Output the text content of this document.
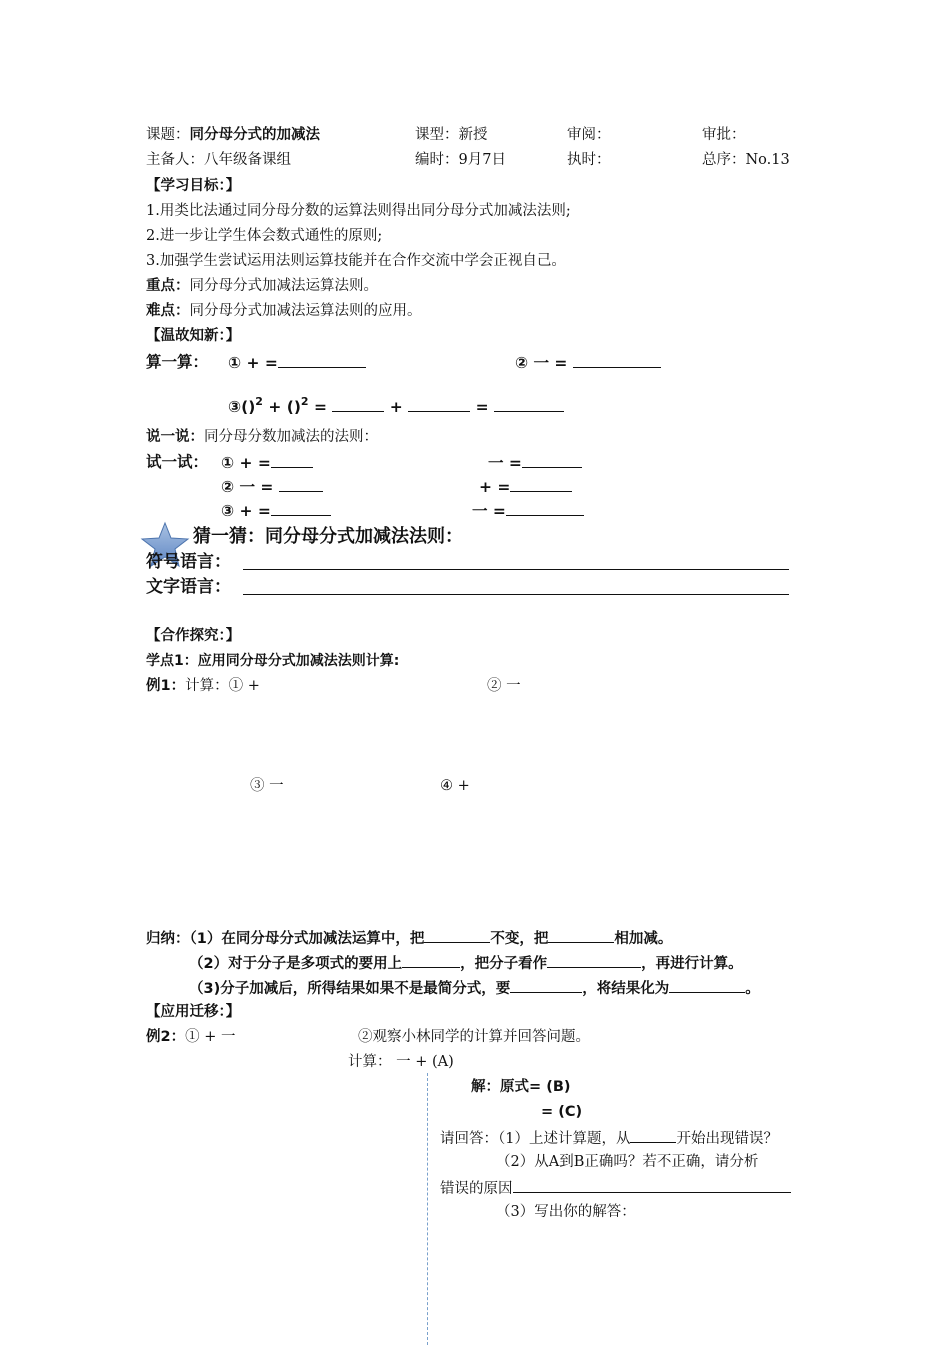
课题：同分母分式的加减法	课型：新授	审阅：	审批：
主备人：八年级备课组	编时：9月7日	执时：	总序：No.13
【学习目标：】
1.用类比法通过同分母分数的运算法则得出同分母分式加减法法则;
2.进一步让学生体会数式通性的原则;
3.加强学生尝试运用法则运算技能并在合作交流中学会正视自己。
重点：同分母分式加减法运算法则。
难点：同分母分式加减法运算法则的应用。
【温故知新：】
算一算： ① + =	② 一 =
③()$^2$ + ()$^2$ =	+	=
说一说：同分母分数加减法的法则：
试一试： ① + =	一 =
② 一 =	+ =
③ + =	一 =
猜一猜：同分母分式加减法法则：
符号语言：
文字语言：
【合作探究：】
学点1：应用同分母分式加减法法则计算:
例1：计算：① +	② 一
③ 一	④ +
归纳：（1）在同分母分式加减法运算中，把	不变，把	相加减。
（2）对于分子是多项式的要用上	，把分子看作	，再进行计算。
（3)分子加减后，所得结果如果不是最简分式，要	，将结果化为	。
【应用迁移：】
例2：① + 一	②观察小林同学的计算并回答问题。
计算： 一 + (A)
解：原式= (B)
= (C)
请回答：（1）上述计算题，从	开始出现错误？
（2）从A到B正确吗？若不正确，请分析
错误的原因
（3）写出你的解答：
